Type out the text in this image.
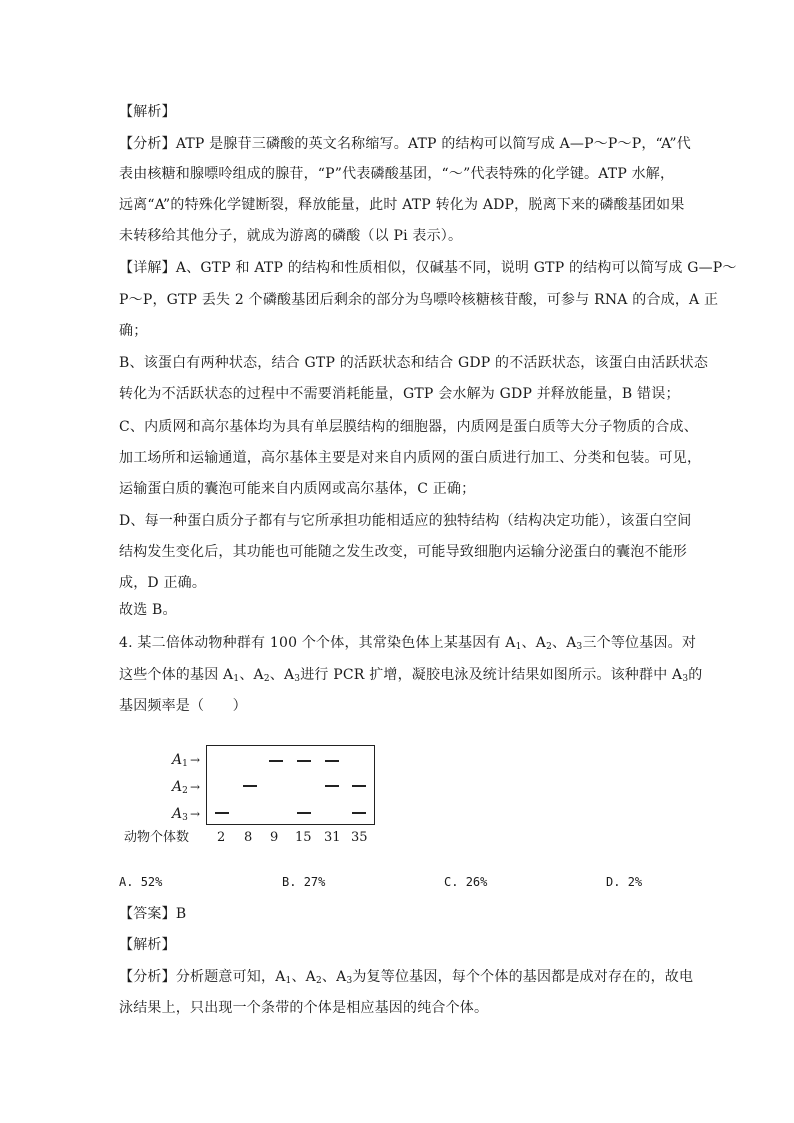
【解析】
【分析】ATP 是腺苷三磷酸的英文名称缩写。ATP 的结构可以简写成 A—P～P～P，“A”代
表由核糖和腺嘌呤组成的腺苷，“P”代表磷酸基团，“～”代表特殊的化学键。ATP 水解，
远离“A”的特殊化学键断裂，释放能量，此时 ATP 转化为 ADP，脱离下来的磷酸基团如果
未转移给其他分子，就成为游离的磷酸（以 Pi 表示）。
【详解】A、GTP 和 ATP 的结构和性质相似，仅碱基不同，说明 GTP 的结构可以简写成 G—P～
P～P，GTP 丢失 2 个磷酸基团后剩余的部分为鸟嘌呤核糖核苷酸，可参与 RNA 的合成，A 正
确；
B、该蛋白有两种状态，结合 GTP 的活跃状态和结合 GDP 的不活跃状态，该蛋白由活跃状态
转化为不活跃状态的过程中不需要消耗能量，GTP 会水解为 GDP 并释放能量，B 错误；
C、内质网和高尔基体均为具有单层膜结构的细胞器，内质网是蛋白质等大分子物质的合成、
加工场所和运输通道，高尔基体主要是对来自内质网的蛋白质进行加工、分类和包装。可见，
运输蛋白质的囊泡可能来自内质网或高尔基体，C 正确；
D、每一种蛋白质分子都有与它所承担功能相适应的独特结构（结构决定功能），该蛋白空间
结构发生变化后，其功能也可能随之发生改变，可能导致细胞内运输分泌蛋白的囊泡不能形
成，D 正确。
故选 B。
4. 某二倍体动物种群有 100 个个体，其常染色体上某基因有 $A_1$、$A_2$、$A_3$三个等位基因。对
这些个体的基因 $A_1$、$A_2$、$A_3$进行 PCR 扩增，凝胶电泳及统计结果如图所示。该种群中 $A_3$的
基因频率是（　　）
$A_1$ →
$A_2$ →
$A_3$ →
动物个体数 2 8 9 15 31 35
A. 52%	B. 27%	C. 26%	D. 2%
【答案】B
【解析】
【分析】分析题意可知，$A_1$、$A_2$、$A_3$为复等位基因，每个个体的基因都是成对存在的，故电
泳结果上，只出现一个条带的个体是相应基因的纯合个体。
